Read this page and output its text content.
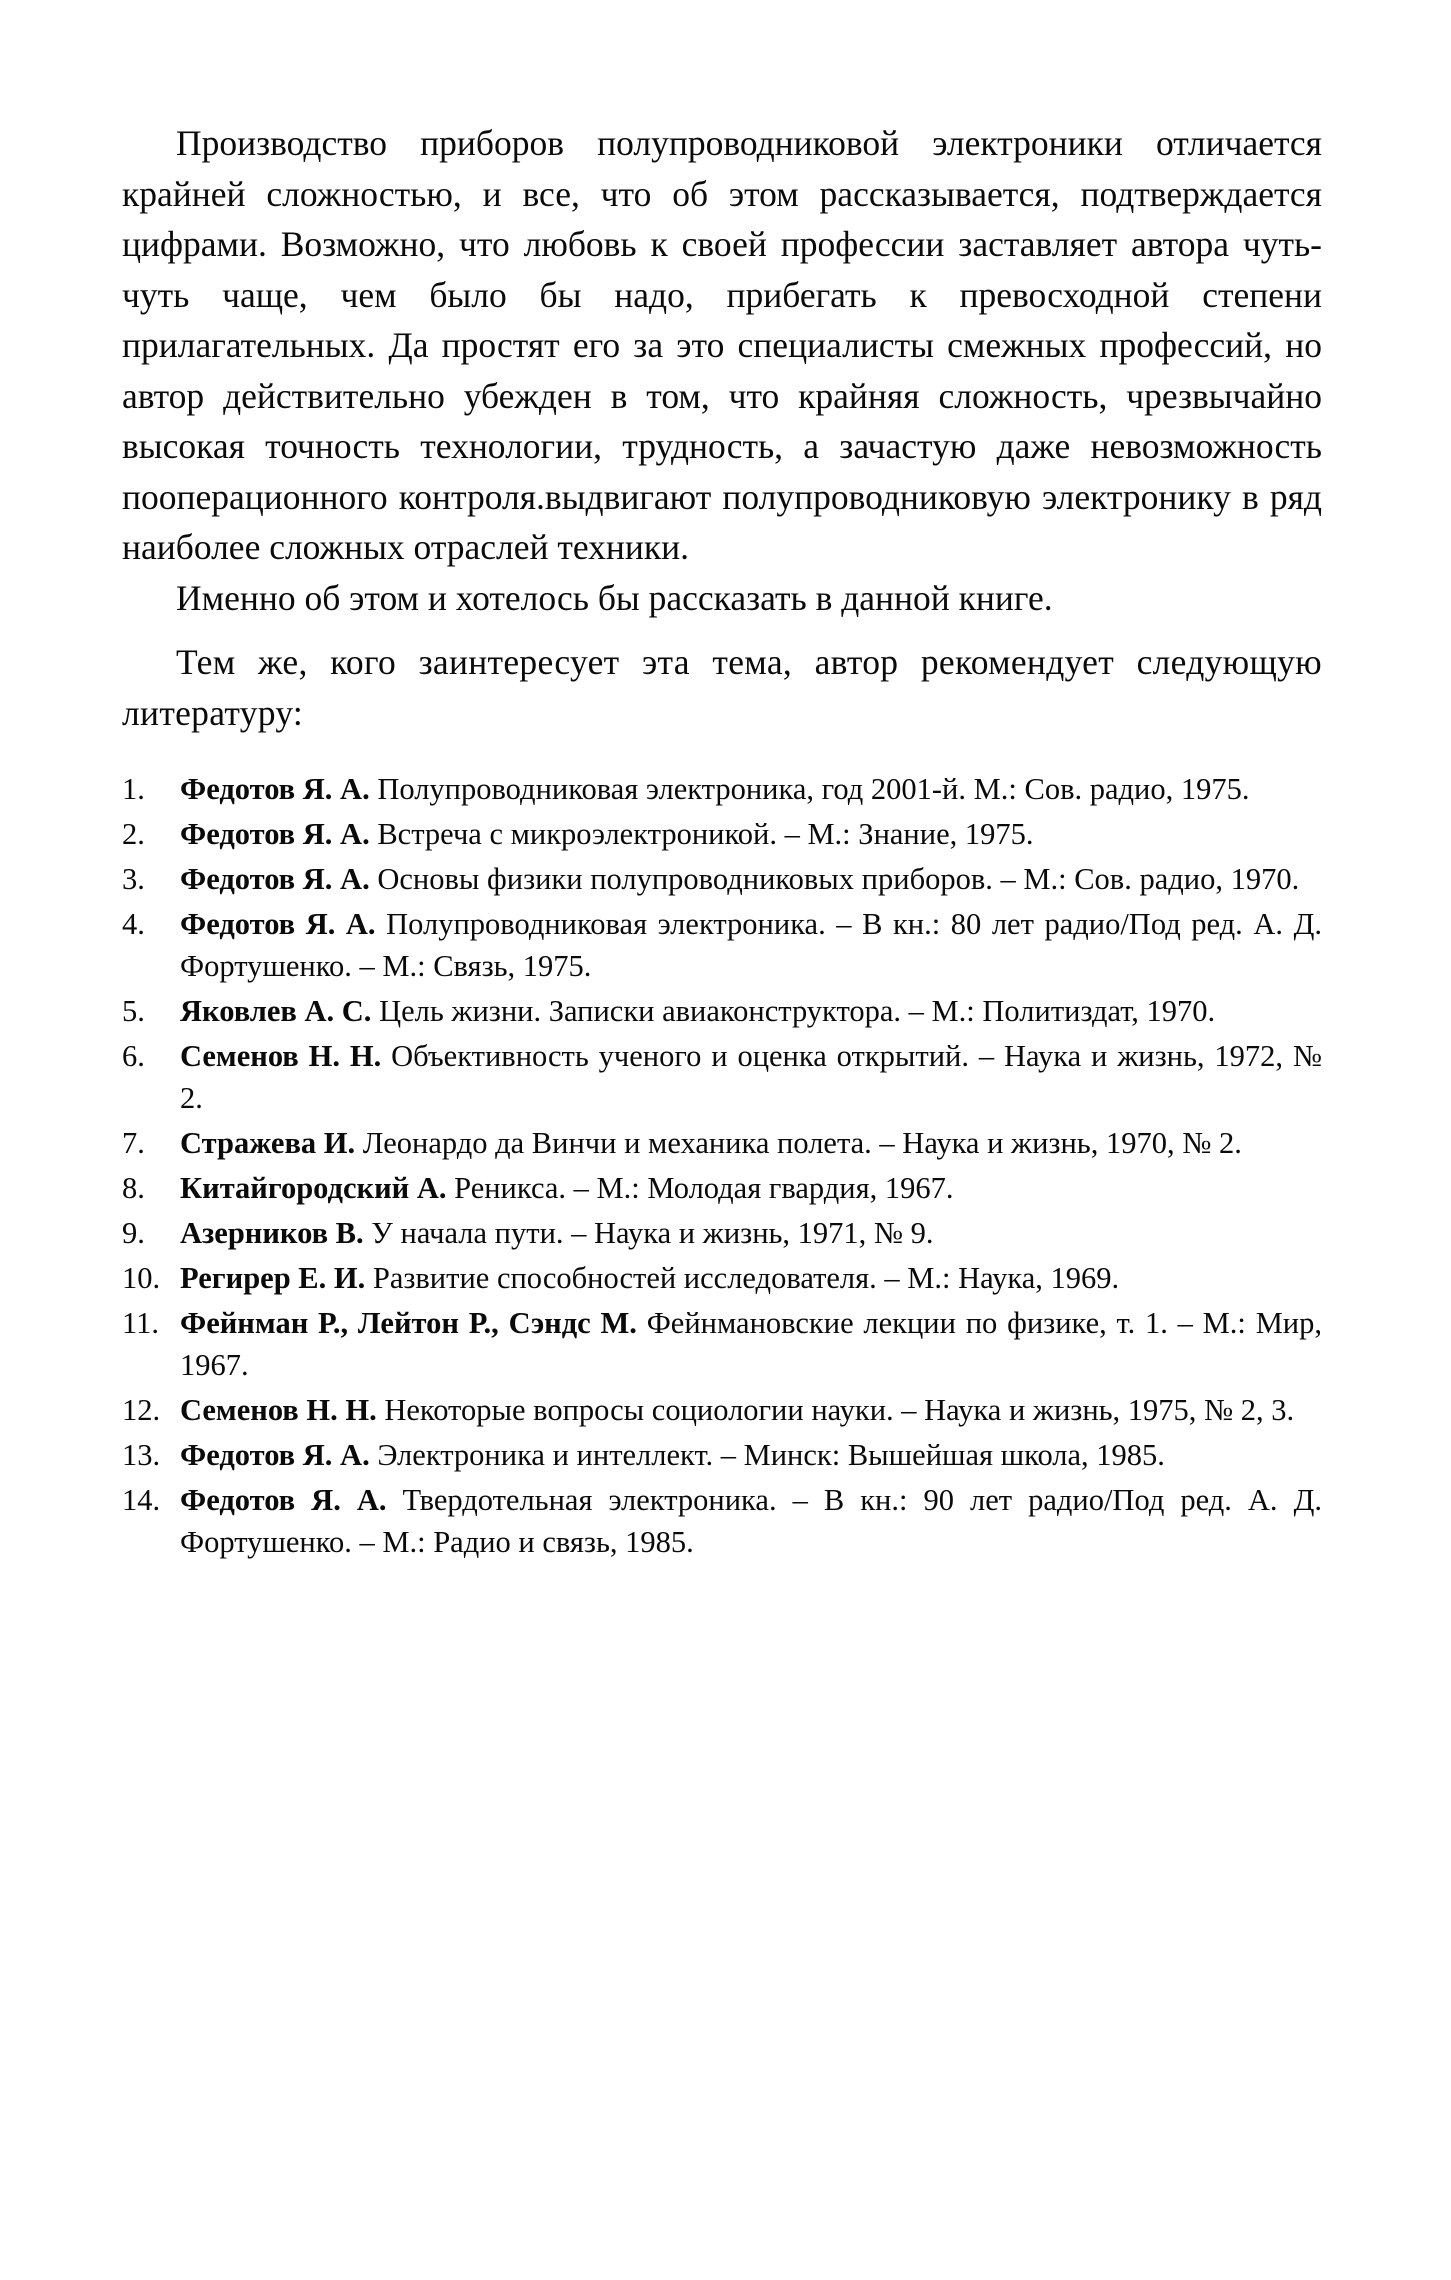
Производство приборов полупроводниковой электроники отличается крайней сложностью, и все, что об этом рассказывается, подтверждается цифрами. Возможно, что любовь к своей профессии заставляет автора чуть-чуть чаще, чем было бы надо, прибегать к превосходной степени прилагательных. Да простят его за это специалисты смежных профессий, но автор действительно убежден в том, что крайняя сложность, чрезвычайно высокая точность технологии, трудность, а зачастую даже невозможность пооперационного контроля.выдвигают полупроводниковую электронику в ряд наиболее сложных отраслей техники.

Именно об этом и хотелось бы рассказать в данной книге.

Тем же, кого заинтересует эта тема, автор рекомендует следующую литературу:

1.	Федотов Я. А. Полупроводниковая электроника, год 2001-й. М.: Сов. радио, 1975.
2.	Федотов Я. А. Встреча с микроэлектроникой. – М.: Знание, 1975.
3.	Федотов Я. А. Основы физики полупроводниковых приборов. – М.: Сов. радио, 1970.
4.	Федотов Я. А. Полупроводниковая электроника. – В кн.: 80 лет радио/Под ред. А. Д. Фортушенко. – М.: Связь, 1975.
5.	Яковлев А. С. Цель жизни. Записки авиаконструктора. – М.: Политиздат, 1970.
6.	Семенов Н. Н. Объективность ученого и оценка открытий. – Наука и жизнь, 1972, № 2.
7.	Стражева И. Леонардо да Винчи и механика полета. – Наука и жизнь, 1970, № 2.
8.	Китайгородский А. Реникса. – М.: Молодая гвардия, 1967.
9.	Азерников В. У начала пути. – Наука и жизнь, 1971, № 9.
10. Регирер Е. И. Развитие способностей исследователя. – М.: Наука, 1969.
11. Фейнман Р., Лейтон Р., Сэндс М. Фейнмановские лекции по физике, т. 1. – М.: Мир, 1967.
12. Семенов Н. Н. Некоторые вопросы социологии науки. – Наука и жизнь, 1975, № 2, 3.
13. Федотов Я. А. Электроника и интеллект. – Минск: Вышейшая школа, 1985.
14. Федотов Я. А. Твердотельная электроника. – В кн.: 90 лет радио/Под ред. А. Д. Фортушенко. – М.: Радио и связь, 1985.
